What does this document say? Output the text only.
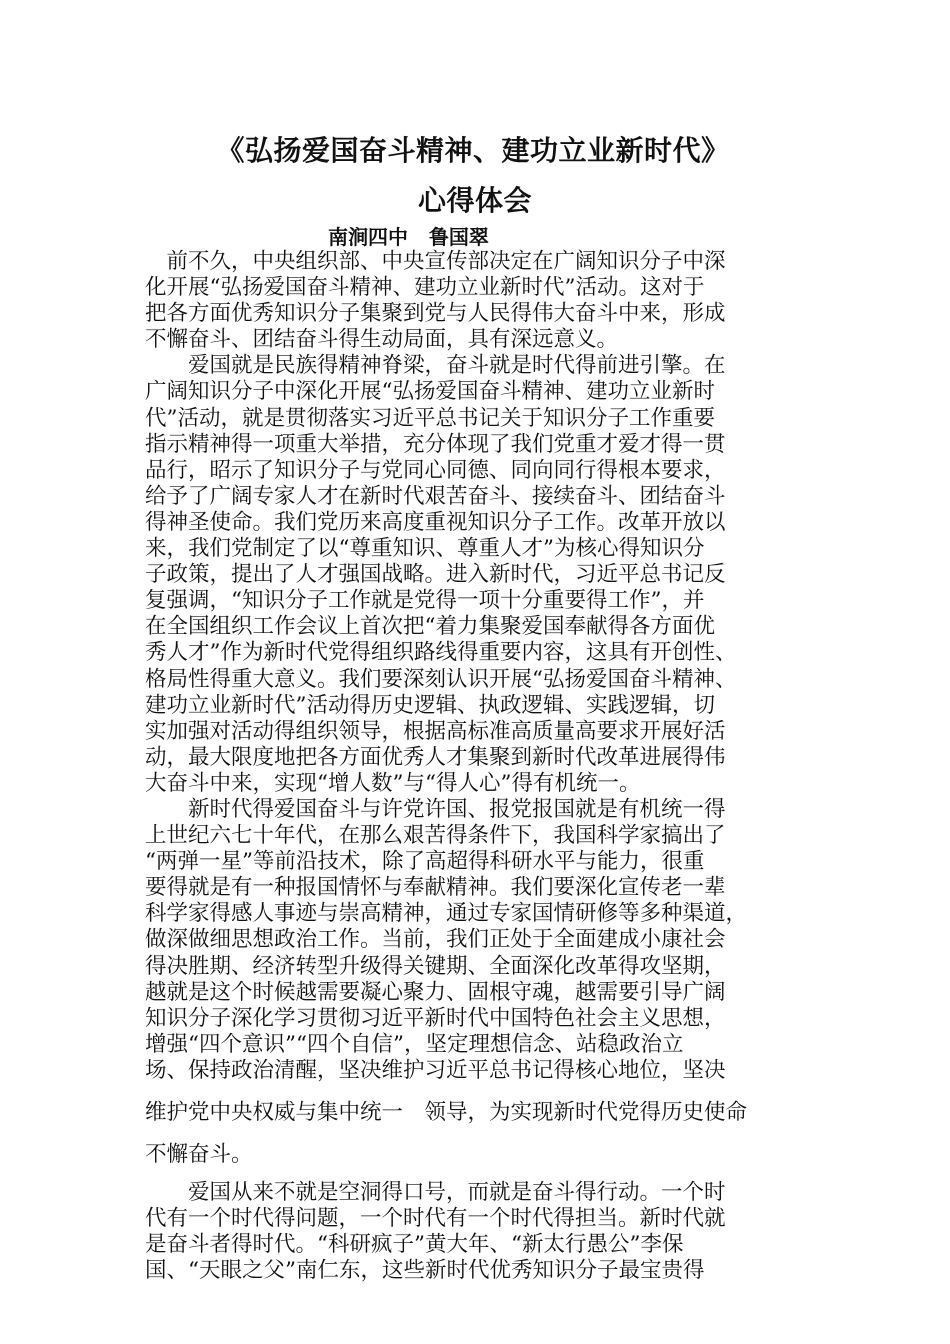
《弘扬爱国奋斗精神、建功立业新时代》
心得体会
南涧四中   鲁国翠
　前不久，中央组织部、中央宣传部决定在广阔知识分子中深
化开展“弘扬爱国奋斗精神、建功立业新时代”活动。这对于
把各方面优秀知识分子集聚到党与人民得伟大奋斗中来，形成
不懈奋斗、团结奋斗得生动局面，具有深远意义。
　　爱国就是民族得精神脊梁，奋斗就是时代得前进引擎。在
广阔知识分子中深化开展“弘扬爱国奋斗精神、建功立业新时
代”活动，就是贯彻落实习近平总书记关于知识分子工作重要
指示精神得一项重大举措，充分体现了我们党重才爱才得一贯
品行，昭示了知识分子与党同心同德、同向同行得根本要求，
给予了广阔专家人才在新时代艰苦奋斗、接续奋斗、团结奋斗
得神圣使命。我们党历来高度重视知识分子工作。改革开放以
来，我们党制定了以“尊重知识、尊重人才”为核心得知识分
子政策，提出了人才强国战略。进入新时代，习近平总书记反
复强调，“知识分子工作就是党得一项十分重要得工作”，并
在全国组织工作会议上首次把“着力集聚爱国奉献得各方面优
秀人才”作为新时代党得组织路线得重要内容，这具有开创性、
格局性得重大意义。我们要深刻认识开展“弘扬爱国奋斗精神、
建功立业新时代”活动得历史逻辑、执政逻辑、实践逻辑，切
实加强对活动得组织领导，根据高标准高质量高要求开展好活
动，最大限度地把各方面优秀人才集聚到新时代改革进展得伟
大奋斗中来，实现“增人数”与“得人心”得有机统一。
　　新时代得爱国奋斗与许党许国、报党报国就是有机统一得
上世纪六七十年代，在那么艰苦得条件下，我国科学家搞出了
“两弹一星”等前沿技术，除了高超得科研水平与能力，很重
要得就是有一种报国情怀与奉献精神。我们要深化宣传老一辈
科学家得感人事迹与崇高精神，通过专家国情研修等多种渠道，
做深做细思想政治工作。当前，我们正处于全面建成小康社会
得决胜期、经济转型升级得关键期、全面深化改革得攻坚期，
越就是这个时候越需要凝心聚力、固根守魂，越需要引导广阔
知识分子深化学习贯彻习近平新时代中国特色社会主义思想，
增强“四个意识”“四个自信”，坚定理想信念、站稳政治立
场、保持政治清醒，坚决维护习近平总书记得核心地位，坚决
维护党中央权威与集中统一　领导，为实现新时代党得历史使命
不懈奋斗。
　　爱国从来不就是空洞得口号，而就是奋斗得行动。一个时
代有一个时代得问题，一个时代有一个时代得担当。新时代就
是奋斗者得时代。“科研疯子”黄大年、“新太行愚公”李保
国、“天眼之父”南仁东，这些新时代优秀知识分子最宝贵得
